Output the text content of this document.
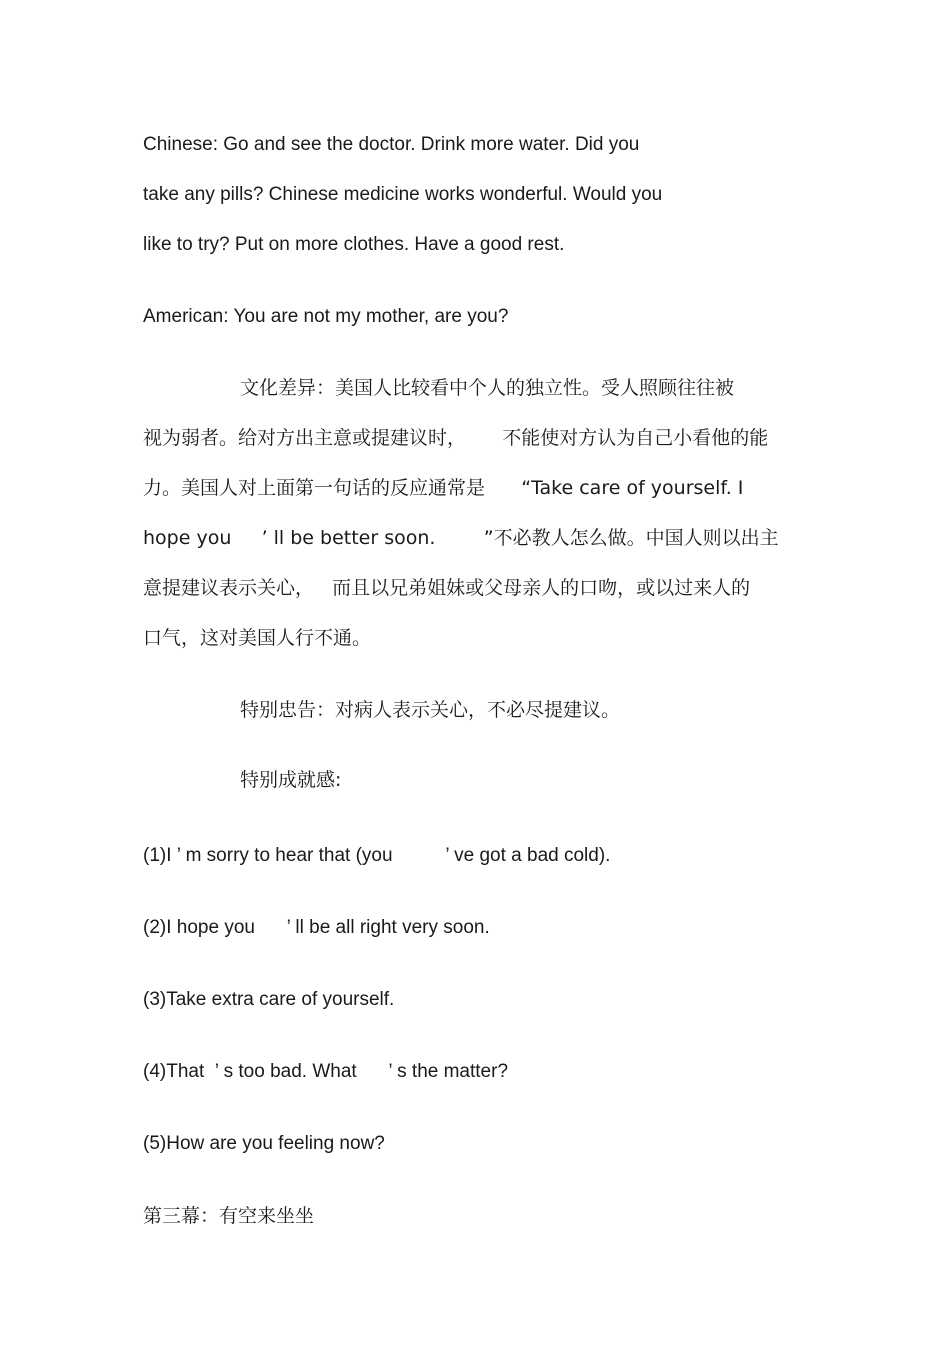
Chinese: Go and see the doctor. Drink more water. Did you
take any pills? Chinese medicine works wonderful. Would you
like to try? Put on more clothes. Have a good rest.
American: You are not my mother, are you?
文化差异：美国人比较看中个人的独立性。受人照顾往往被
视为弱者。给对方出主意或提建议时，      不能使对方认为自己小看他的能
力。美国人对上面第一句话的反应通常是      “Take care of yourself. I
hope you     ’ ll be better soon.        ”不必教人怎么做。中国人则以出主
意提建议表示关心，   而且以兄弟姐妹或父母亲人的口吻，或以过来人的
口气，这对美国人行不通。
特别忠告：对病人表示关心，不必尽提建议。
特别成就感:
(1)I ’ m sorry to hear that (you          ’ ve got a bad cold).
(2)I hope you      ’ ll be all right very soon.
(3)Take extra care of yourself.
(4)That  ’ s too bad. What      ’ s the matter?
(5)How are you feeling now?
第三幕：有空来坐坐
